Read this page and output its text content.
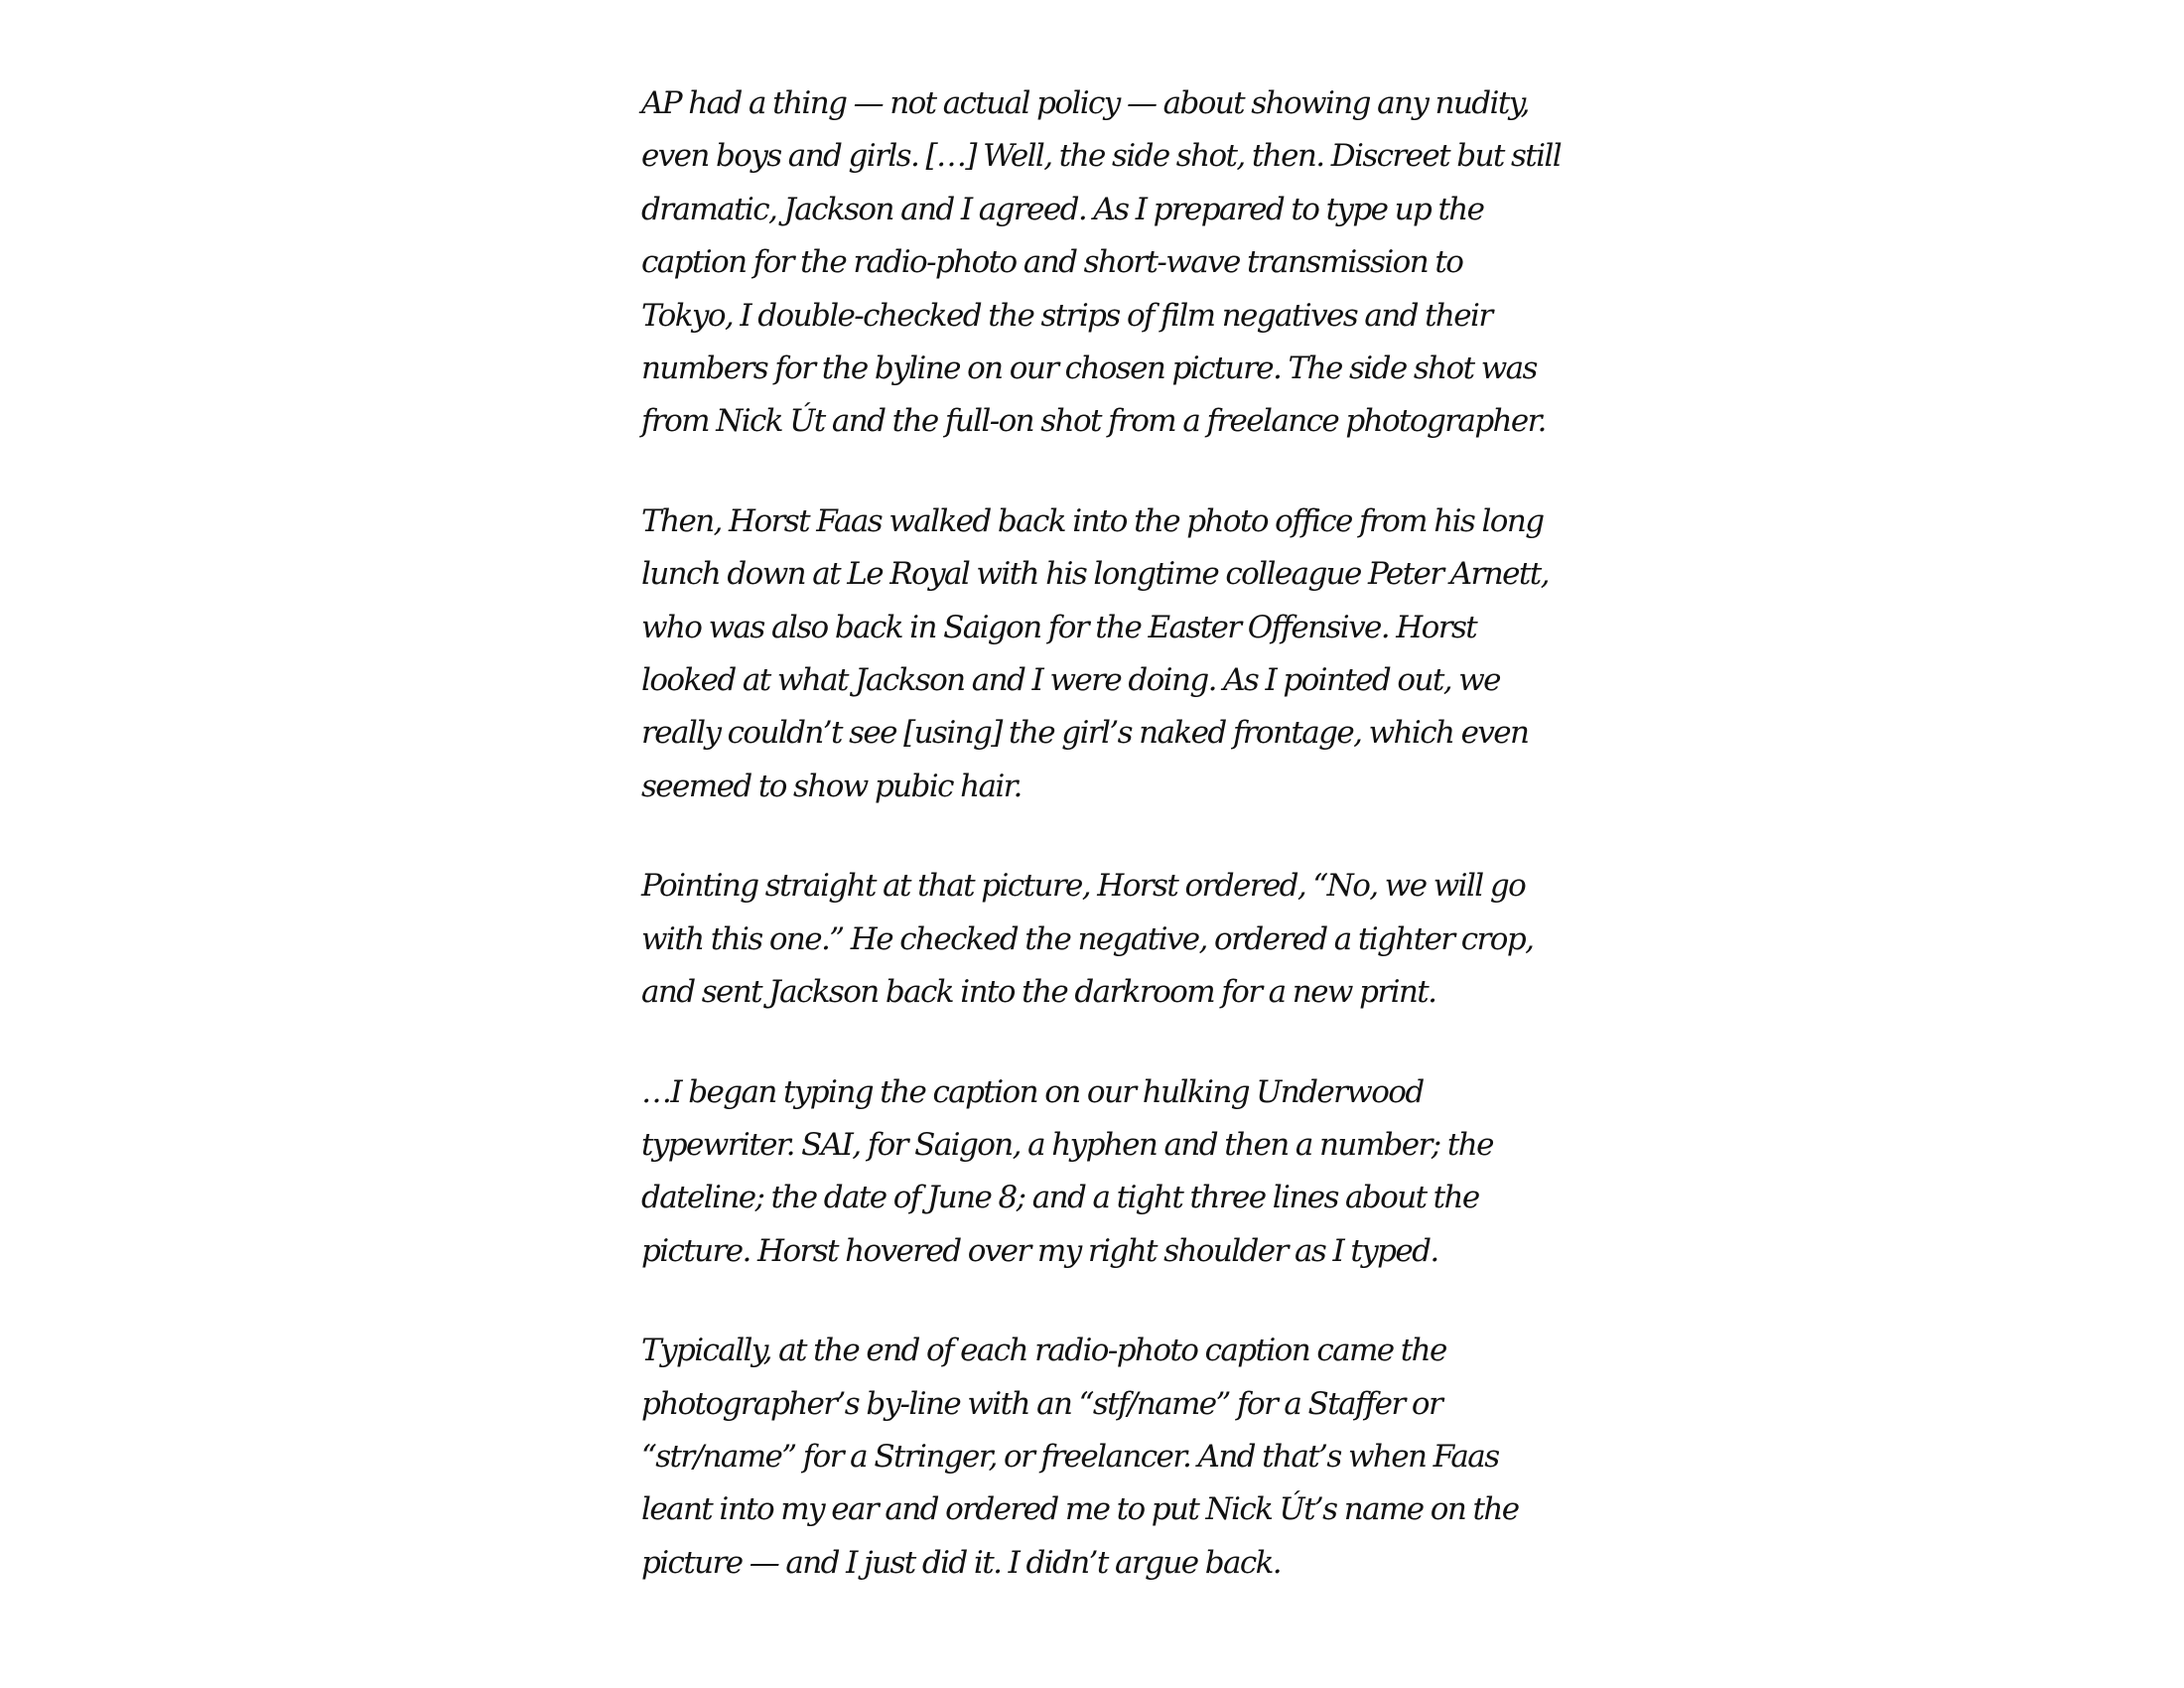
AP had a thing — not actual policy — about showing any nudity,
even boys and girls. […] Well, the side shot, then. Discreet but still
dramatic, Jackson and I agreed. As I prepared to type up the
caption for the radio-photo and short-wave transmission to
Tokyo, I double-checked the strips of film negatives and their
numbers for the byline on our chosen picture. The side shot was
from Nick Út and the full-on shot from a freelance photographer.

Then, Horst Faas walked back into the photo office from his long
lunch down at Le Royal with his longtime colleague Peter Arnett,
who was also back in Saigon for the Easter Offensive. Horst
looked at what Jackson and I were doing. As I pointed out, we
really couldn’t see [using] the girl’s naked frontage, which even
seemed to show pubic hair.

Pointing straight at that picture, Horst ordered, “No, we will go
with this one.” He checked the negative, ordered a tighter crop,
and sent Jackson back into the darkroom for a new print.

…I began typing the caption on our hulking Underwood
typewriter. SAI, for Saigon, a hyphen and then a number; the
dateline; the date of June 8; and a tight three lines about the
picture. Horst hovered over my right shoulder as I typed.

Typically, at the end of each radio-photo caption came the
photographer’s by-line with an “stf/name” for a Staffer or
“str/name” for a Stringer, or freelancer. And that’s when Faas
leant into my ear and ordered me to put Nick Út’s name on the
picture — and I just did it. I didn’t argue back.
